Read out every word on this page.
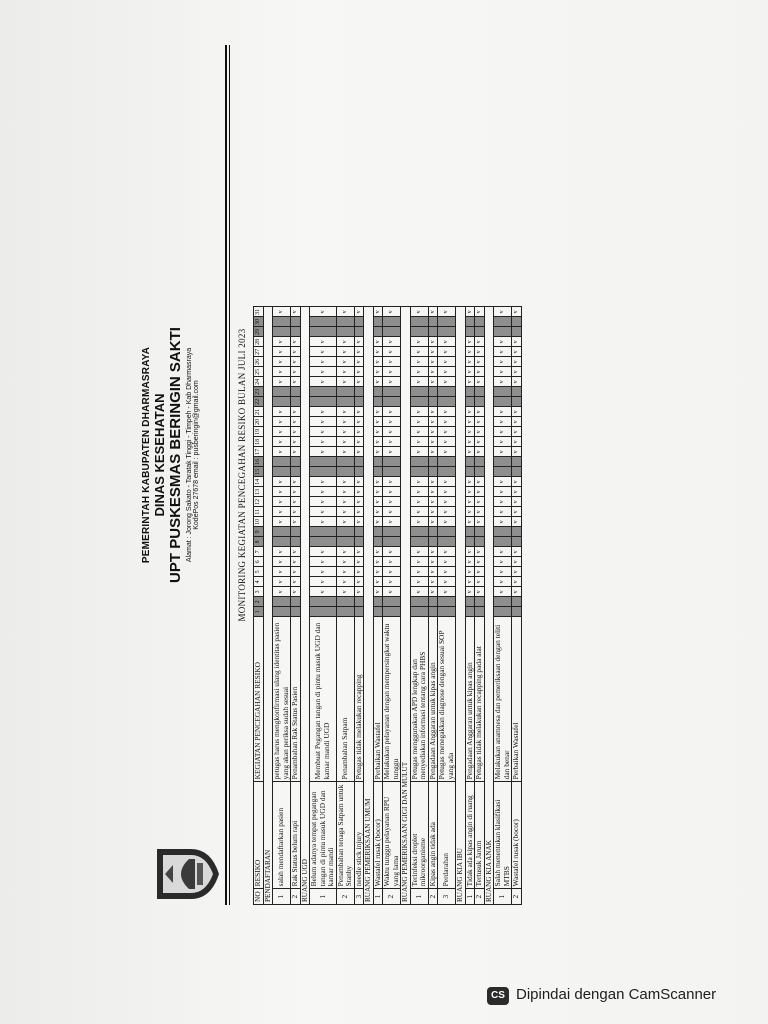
PEMERINTAH KABUPATEN DHARMASRAYA DINAS KESEHATAN UPT PUSKESMAS BERINGIN SAKTI Alamat : Jorong Sakato - Taratak Tinggi - Timpeh - Kab Dharmasraya KodePos 27678 email : pusberingin@gmail.com	MONITORING KEGIATAN PENCEGAHAN RESIKO BULAN JULI 2023
NO	RESIKO	KEGIATAN PENCEGAHAN RESIKO	1	2	3	4	5	6	7	8	9	10	11	12	13	14	15	16	17	18	19	20	21	22	23	24	25	26	27	28	29	30	31
PENDAFTARAN																																	
1	salah mendaftarkan pasien	petugas harus mengkonfirmasi ulang identitas pasien yang akan periksa sudah sesuai			v	v	v	v	v			v	v	v	v	v			v	v	v	v	v			v	v	v	v	v			v
2	Rak Status belum rapi	Penambahan Rak Status Pasien			v	v	v	v	v			v	v	v	v	v			v	v	v	v	v			v	v	v	v	v			v
RUANG UGD																																	
1	Belum adanya tempat pegangan tangan di pintu masuk UGD dan kamar mandi	Membuat Pegangan tangan di pintu masuk UGD dan kamar mandi UGD			v	v	v	v	v			v	v	v	v	v			v	v	v	v	v			v	v	v	v	v			v
2	Penambahan tenaga Satpam untuk Stanby	Penambahan Satpam			v	v	v	v	v			v	v	v	v	v			v	v	v	v	v			v	v	v	v	v			v
3	needle stick injury	Petugas tidak melakukan recapping			v	v	v	v	v			v	v	v	v	v			v	v	v	v	v			v	v	v	v	v			v
RUANG PEMERIKSAAN UMUM																																	
1	Wastafel rusak (bocor)	Perbaikan Wastafel			v	v	v	v	v			v	v	v	v	v			v	v	v	v	v			v	v	v	v	v			v
2	Waktu tunggu pelayanan RPU yang lama	Melakukan pelayanan dengan mempersingkat waktu tunggu			v	v	v	v	v			v	v	v	v	v			v	v	v	v	v			v	v	v	v	v			v
RUANG PEMERIKSAAN GIGI DAN MULUT																																	
1	Terinfeksi droplet mikroorganisme	Petugas menggunakan APD lengkap dan menyediakan informasi tentang cara PHBS			v	v	v	v	v			v	v	v	v	v			v	v	v	v	v			v	v	v	v	v			v
2	Kipas angin tidak ada	Pengadaan Anggaran untuk kipas angin			v	v	v	v	v			v	v	v	v	v			v	v	v	v	v			v	v	v	v	v			v
3	Perdarahan	Petugas menegakkan diagnose dengan sesuai SOP yang ada			v	v	v	v	v			v	v	v	v	v			v	v	v	v	v			v	v	v	v	v			v
RUANG KIA IBU																																	
1	Tidak ada kipas angin di ruang	Pengadaan Anggaran untuk kipas angin			v	v	v	v	v			v	v	v	v	v			v	v	v	v	v			v	v	v	v	v			v
2	Tertusuk Jarum	Petugas tidak melakukan recapping pada alat			v	v	v	v	v			v	v	v	v	v			v	v	v	v	v			v	v	v	v	v			v
RUANG KIA ANAK																																	
1	Salah menentukan klasifikasi MTBS	Melakukan anamnesa dan pemeriksaan dengan teliti dan benar			v	v	v	v	v			v	v	v	v	v			v	v	v	v	v			v	v	v	v	v			v
2	Wastafel rusak (bocor)	Perbaikan Wastafel			v	v	v	v	v			v	v	v	v	v			v	v	v	v	v			v	v	v	v	v			v
CS Dipindai dengan CamScanner
